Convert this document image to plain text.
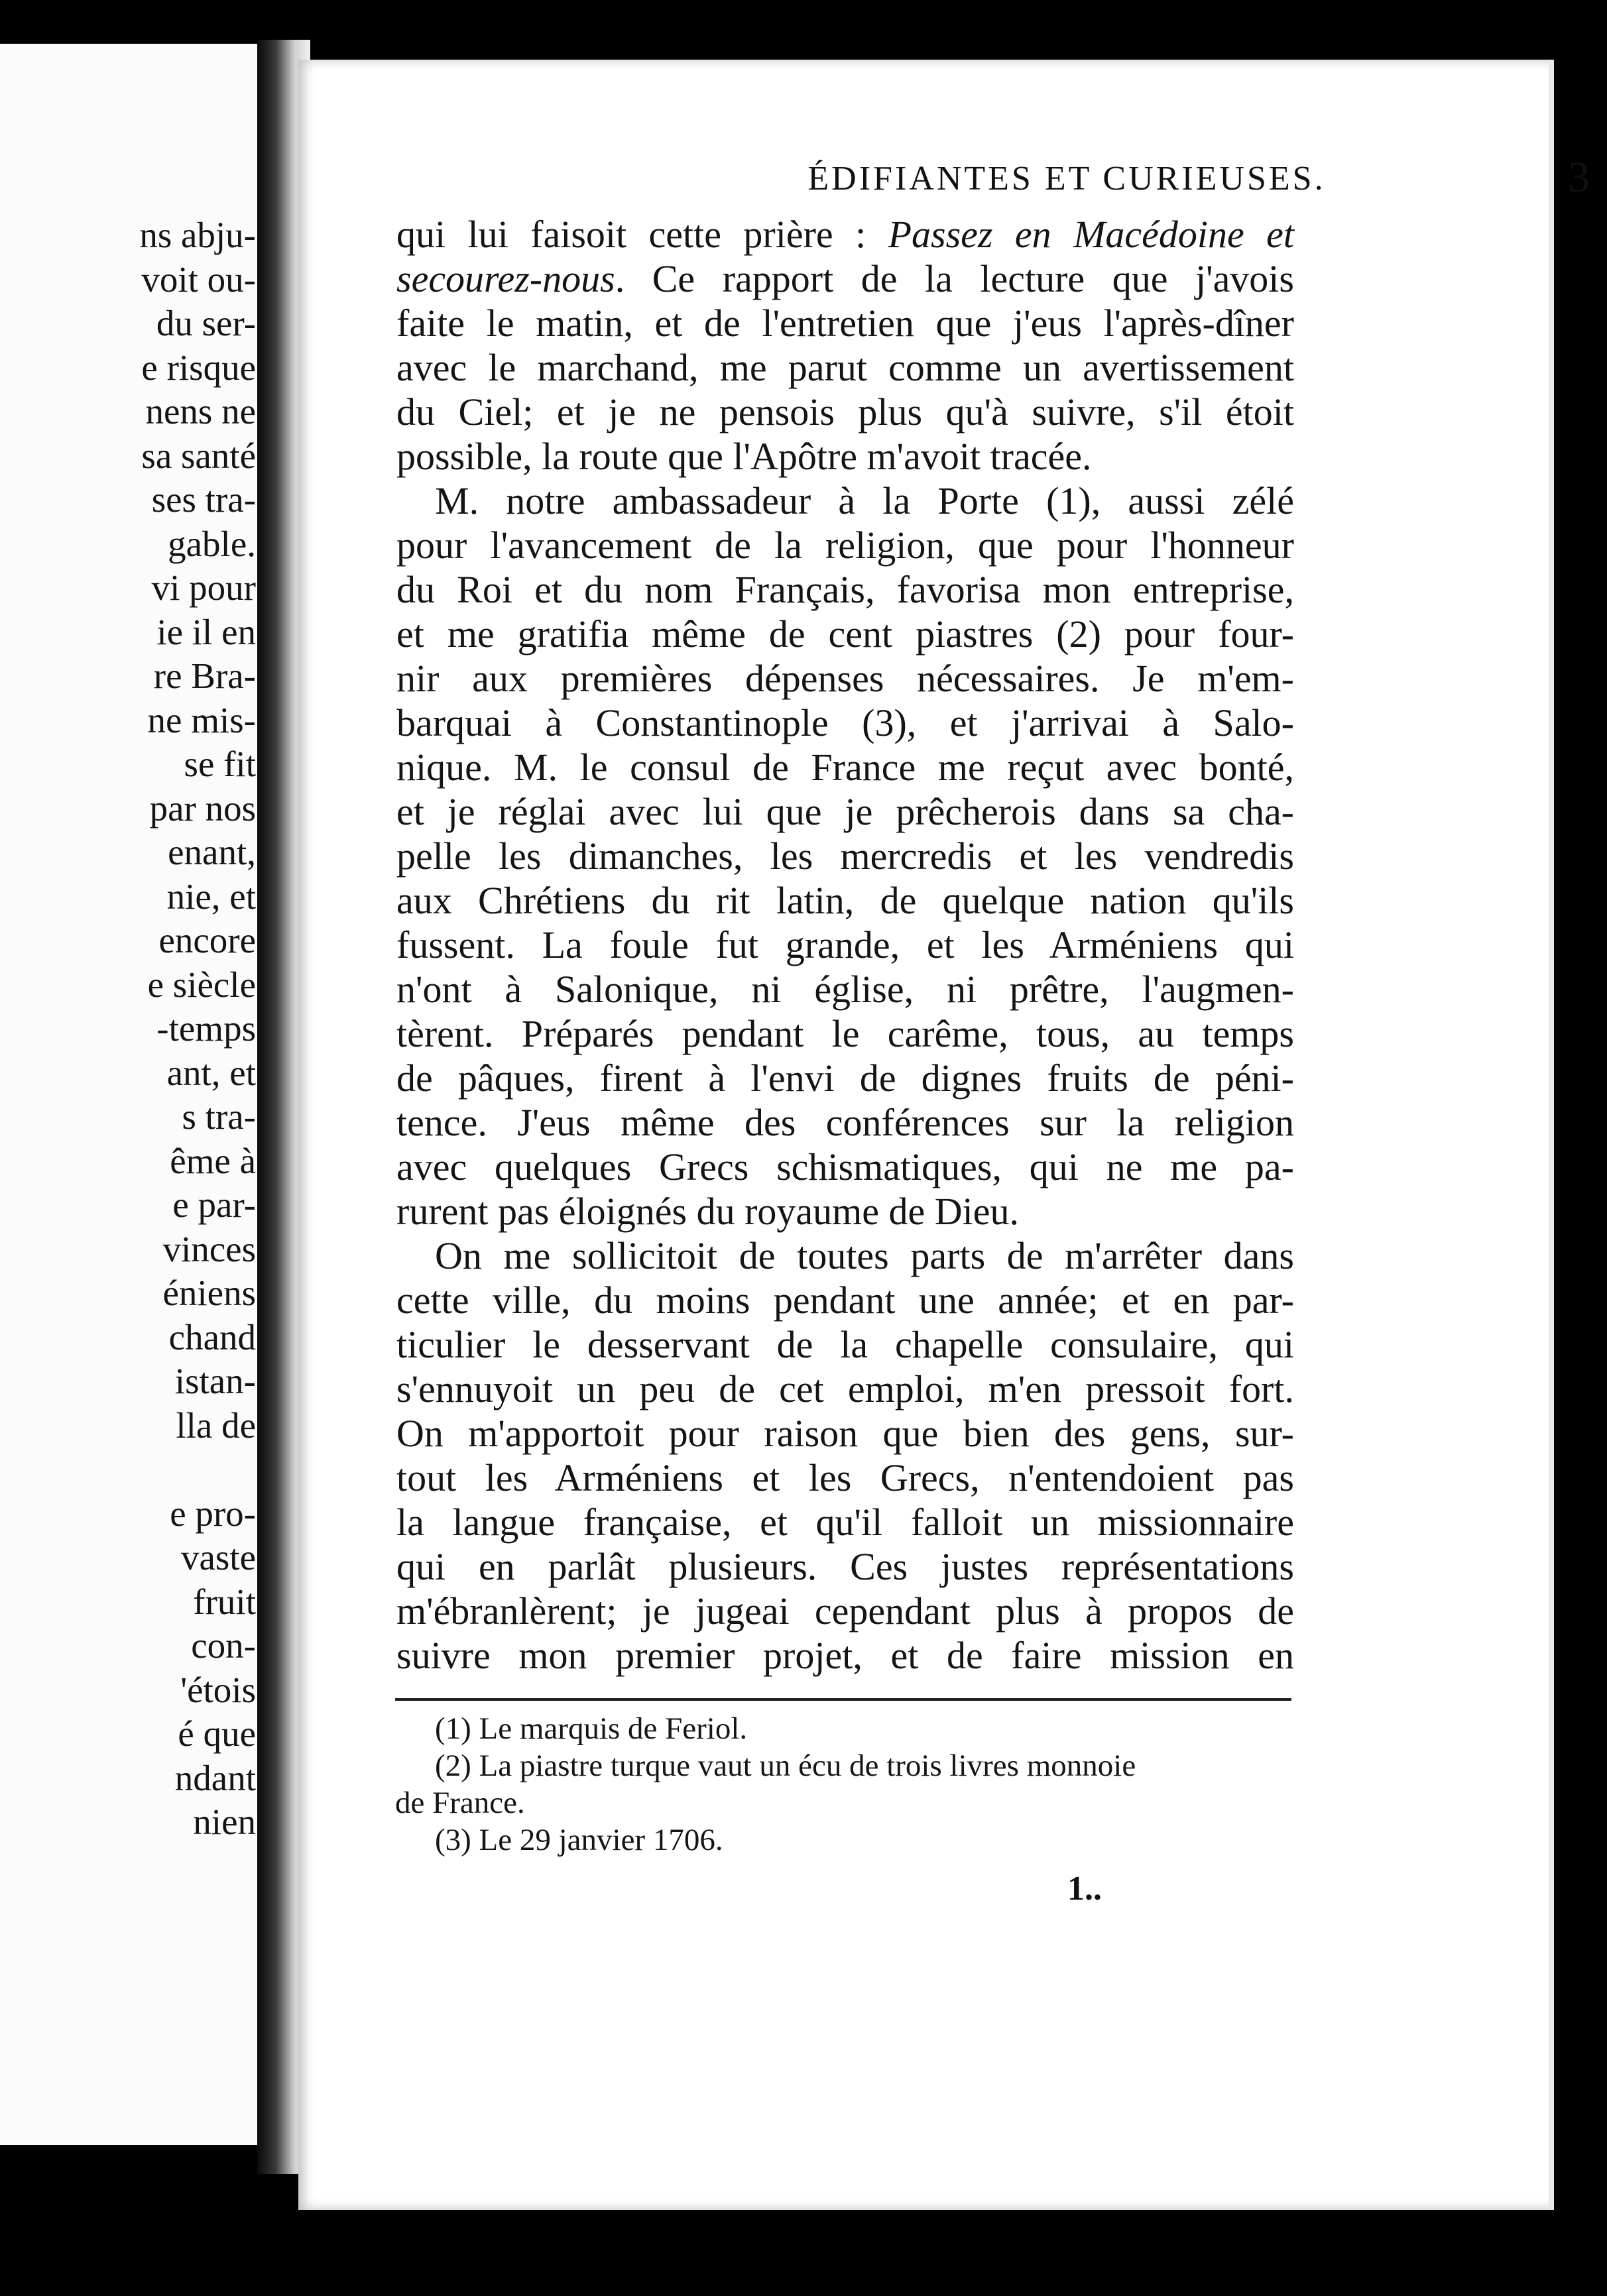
ns abju-
voit ou-
du ser-
e risque
nens ne
sa santé
ses tra-
gable.
vi pour
ie il en
re Bra-
ne mis-
se fit
par nos
enant,
nie, et
encore
e siècle
-temps
ant, et
s tra-
ême à
e par-
vinces
éniens
chand
istan-
lla de

e pro-
vaste
fruit
con-
'étois
é que
ndant
nien
ÉDIFIANTES ET CURIEUSES.	3
qui lui faisoit cette prière : Passez en Macédoine et
secourez-nous. Ce rapport de la lecture que j'avois
faite le matin, et de l'entretien que j'eus l'après-dîner
avec le marchand, me parut comme un avertissement
du Ciel; et je ne pensois plus qu'à suivre, s'il étoit
possible, la route que l'Apôtre m'avoit tracée.
M. notre ambassadeur à la Porte (1), aussi zélé
pour l'avancement de la religion, que pour l'honneur
du Roi et du nom Français, favorisa mon entreprise,
et me gratifia même de cent piastres (2) pour four-
nir aux premières dépenses nécessaires. Je m'em-
barquai à Constantinople (3), et j'arrivai à Salo-
nique. M. le consul de France me reçut avec bonté,
et je réglai avec lui que je prêcherois dans sa cha-
pelle les dimanches, les mercredis et les vendredis
aux Chrétiens du rit latin, de quelque nation qu'ils
fussent. La foule fut grande, et les Arméniens qui
n'ont à Salonique, ni église, ni prêtre, l'augmen-
tèrent. Préparés pendant le carême, tous, au temps
de pâques, firent à l'envi de dignes fruits de péni-
tence. J'eus même des conférences sur la religion
avec quelques Grecs schismatiques, qui ne me pa-
rurent pas éloignés du royaume de Dieu.
On me sollicitoit de toutes parts de m'arrêter dans
cette ville, du moins pendant une année; et en par-
ticulier le desservant de la chapelle consulaire, qui
s'ennuyoit un peu de cet emploi, m'en pressoit fort.
On m'apportoit pour raison que bien des gens, sur-
tout les Arméniens et les Grecs, n'entendoient pas
la langue française, et qu'il falloit un missionnaire
qui en parlât plusieurs. Ces justes représentations
m'ébranlèrent; je jugeai cependant plus à propos de
suivre mon premier projet, et de faire mission en
(1) Le marquis de Feriol.
(2) La piastre turque vaut un écu de trois livres monnoie
de France.
(3) Le 29 janvier 1706.
1..
